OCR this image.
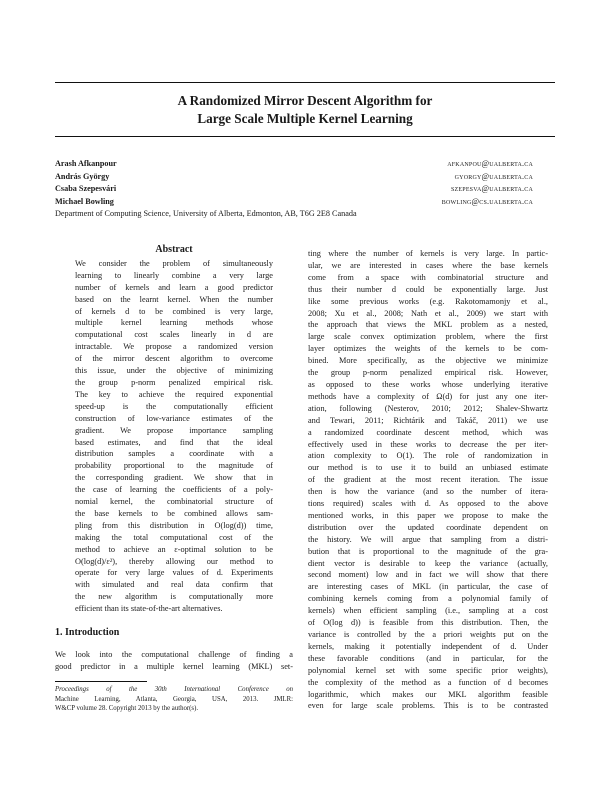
A Randomized Mirror Descent Algorithm for
Large Scale Multiple Kernel Learning
Arash Afkanpour	afkanpou@ualberta.ca
András György	gyorgy@ualberta.ca
Csaba Szepesvári	szepesva@ualberta.ca
Michael Bowling	bowling@cs.ualberta.ca
Department of Computing Science, University of Alberta, Edmonton, AB, T6G 2E8 Canada
Abstract
We consider the problem of simultaneously
learning to linearly combine a very large
number of kernels and learn a good predictor
based on the learnt kernel. When the number
of kernels d to be combined is very large,
multiple kernel learning methods whose
computational cost scales linearly in d are
intractable. We propose a randomized version
of the mirror descent algorithm to overcome
this issue, under the objective of minimizing
the group p-norm penalized empirical risk.
The key to achieve the required exponential
speed-up is the computationally efficient
construction of low-variance estimates of the
gradient. We propose importance sampling
based estimates, and find that the ideal
distribution samples a coordinate with a
probability proportional to the magnitude of
the corresponding gradient. We show that in
the case of learning the coefficients of a poly-
nomial kernel, the combinatorial structure of
the base kernels to be combined allows sam-
pling from this distribution in O(log(d)) time,
making the total computational cost of the
method to achieve an ε-optimal solution to be
O(log(d)/ε²), thereby allowing our method to
operate for very large values of d. Experiments
with simulated and real data confirm that
the new algorithm is computationally more
efficient than its state-of-the-art alternatives.
1. Introduction
We look into the computational challenge of finding a
good predictor in a multiple kernel learning (MKL) set-
Proceedings of the 30th International Conference on
Machine Learning, Atlanta, Georgia, USA, 2013. JMLR:
W&CP volume 28. Copyright 2013 by the author(s).
ting where the number of kernels is very large. In partic-
ular, we are interested in cases where the base kernels
come from a space with combinatorial structure and
thus their number d could be exponentially large. Just
like some previous works (e.g. Rakotomamonjy et al.,
2008; Xu et al., 2008; Nath et al., 2009) we start with
the approach that views the MKL problem as a nested,
large scale convex optimization problem, where the first
layer optimizes the weights of the kernels to be com-
bined. More specifically, as the objective we minimize
the group p-norm penalized empirical risk. However,
as opposed to these works whose underlying iterative
methods have a complexity of Ω(d) for just any one iter-
ation, following (Nesterov, 2010; 2012; Shalev-Shwartz
and Tewari, 2011; Richtárik and Takáč, 2011) we use
a randomized coordinate descent method, which was
effectively used in these works to decrease the per iter-
ation complexity to O(1). The role of randomization in
our method is to use it to build an unbiased estimate
of the gradient at the most recent iteration. The issue
then is how the variance (and so the number of itera-
tions required) scales with d. As opposed to the above
mentioned works, in this paper we propose to make the
distribution over the updated coordinate dependent on
the history. We will argue that sampling from a distri-
bution that is proportional to the magnitude of the gra-
dient vector is desirable to keep the variance (actually,
second moment) low and in fact we will show that there
are interesting cases of MKL (in particular, the case of
combining kernels coming from a polynomial family of
kernels) when efficient sampling (i.e., sampling at a cost
of O(log d)) is feasible from this distribution. Then, the
variance is controlled by the a priori weights put on the
kernels, making it potentially independent of d. Under
these favorable conditions (and in particular, for the
polynomial kernel set with some specific prior weights),
the complexity of the method as a function of d becomes
logarithmic, which makes our MKL algorithm feasible
even for large scale problems. This is to be contrasted
